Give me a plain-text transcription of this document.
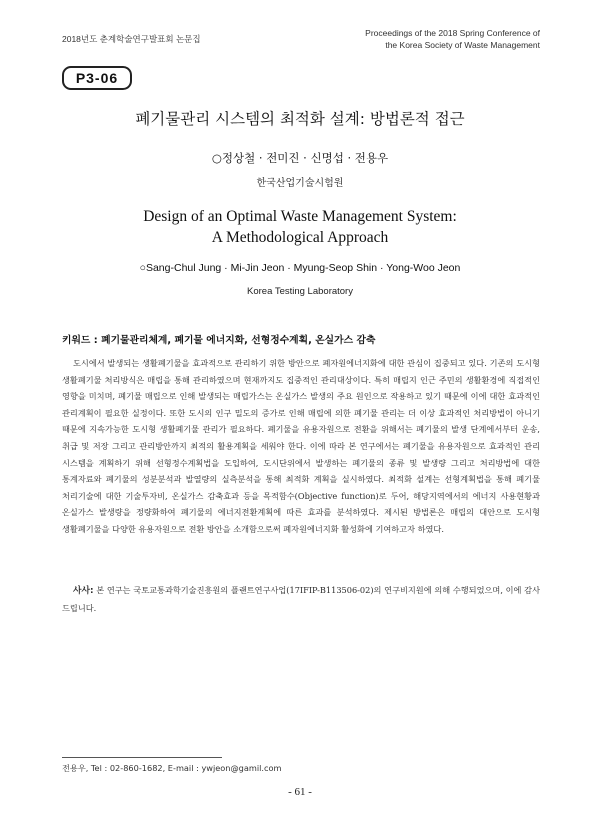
2018년도 춘계학술연구발표회 논문집
Proceedings of the 2018 Spring Conference of
the Korea Society of Waste Management
P3-06
폐기물관리 시스템의 최적화 설계: 방법론적 접근
○정상철 · 전미진 · 신명섭 · 전용우
한국산업기술시험원
Design of an Optimal Waste Management System:
A Methodological Approach
○Sang-Chul Jung · Mi-Jin Jeon · Myung-Seop Shin · Yong-Woo Jeon
Korea Testing Laboratory
키워드 : 폐기물관리체계, 폐기물 에너지화, 선형정수계획, 온실가스 감축

도시에서 발생되는 생활폐기물을 효과적으로 관리하기 위한 방안으로 폐자원에너지화에 대한 관심이 집중되고 있다. 기존의 도시형 생활폐기물 처리방식은 매립을 통해 관리하였으며 현재까지도 집중적인 관리대상이다. 특히 매립지 인근 주민의 생활환경에 직접적인 영향을 미치며, 폐기물 매립으로 인해 발생되는 매립가스는 온실가스 발생의 주요 원인으로 작용하고 있기 때문에 이에 대한 효과적인 관리계획이 필요한 실정이다. 또한 도시의 인구 밀도의 증가로 인해 매립에 의한 폐기물 관리는 더 이상 효과적인 처리방법이 아니기 때문에 지속가능한 도시형 생활폐기물 관리가 필요하다. 폐기물을 유용자원으로 전환을 위해서는 폐기물의 발생 단계에서부터 운송, 취급 및 저장 그리고 관리방안까지 최적의 활용계획을 세워야 한다. 이에 따라 본 연구에서는 폐기물을 유용자원으로 효과적인 관리 시스템을 계획하기 위해 선형정수계획법을 도입하여, 도시단위에서 발생하는 폐기물의 종류 및 발생량 그리고 처리방법에 대한 통계자료와 폐기물의 성분분석과 발열량의 실측분석을 통해 최적화 계획을 실시하였다. 최적화 설계는 선형계획법을 통해 폐기물 처리기술에 대한 기술투자비, 온실가스 감축효과 등을 목적함수(Objective function)로 두어, 해당지역에서의 에너지 사용현황과 온실가스 발생량을 정량화하여 폐기물의 에너지전환계획에 따른 효과를 분석하였다. 제시된 방법론은 매립의 대안으로 도시형 생활폐기물을 다양한 유용자원으로 전환 방안을 소개함으로써 폐자원에너지화 활성화에 기여하고자 하였다.

사사: 본 연구는 국토교통과학기술진흥원의 플랜트연구사업(17IFIP-B113506-02)의 연구비지원에 의해 수행되었으며, 이에 감사드립니다.

전용우, Tel : 02-860-1682, E-mail : ywjeon@gamil.com
- 61 -
